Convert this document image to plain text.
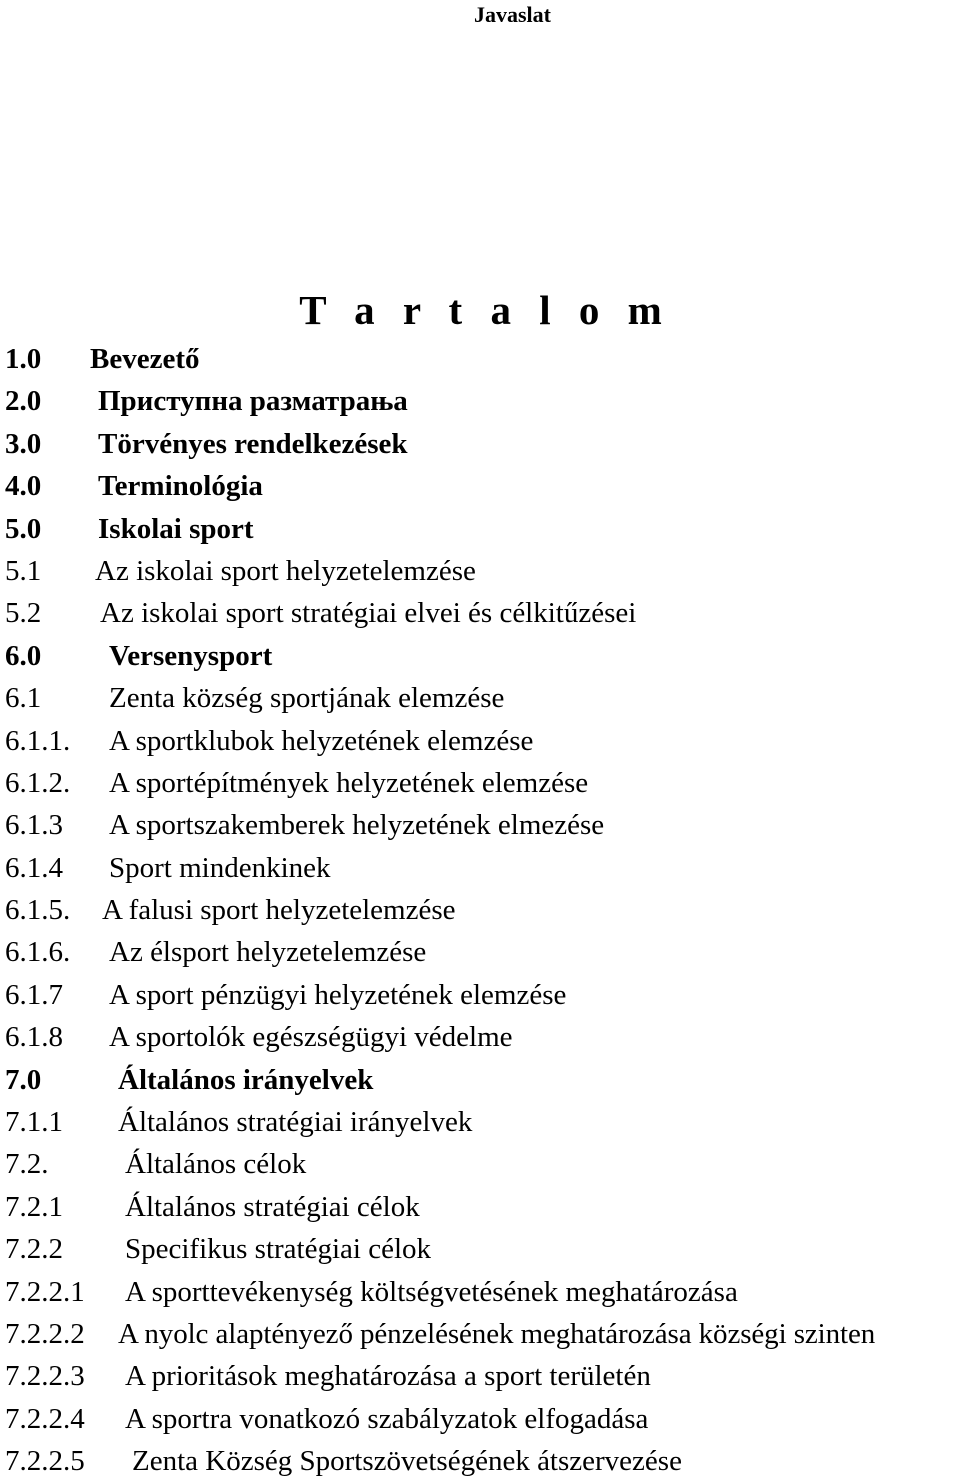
Javaslat
T a r t a l o m
1.0 Bevezető
2.0 Приступна разматрања
3.0 Törvényes rendelkezések
4.0 Terminológia
5.0 Iskolai sport
5.1 Az iskolai sport helyzetelemzése
5.2 Az iskolai sport stratégiai elvei és célkitűzései
6.0 Versenysport
6.1 Zenta község sportjának elemzése
6.1.1. A sportklubok helyzetének elemzése
6.1.2. A sportépítmények helyzetének elemzése
6.1.3 A sportszakemberek helyzetének elmezése
6.1.4 Sport mindenkinek
6.1.5. A falusi sport helyzetelemzése
6.1.6. Az élsport helyzetelemzése
6.1.7 A sport pénzügyi helyzetének elemzése
6.1.8 A sportolók egészségügyi védelme
7.0	Általános irányelvek
7.1.1 Általános stratégiai irányelvek
7.2.	Általános célok
7.2.1 Általános stratégiai célok
7.2.2 Specifikus stratégiai célok
7.2.2.1 A sporttevékenység költségvetésének meghatározása
7.2.2.2 A nyolc alaptényező pénzelésének meghatározása községi szinten
7.2.2.3 A prioritások meghatározása a sport területén
7.2.2.4 A sportra vonatkozó szabályzatok elfogadása
7.2.2.5 Zenta Község Sportszövetségének átszervezése
